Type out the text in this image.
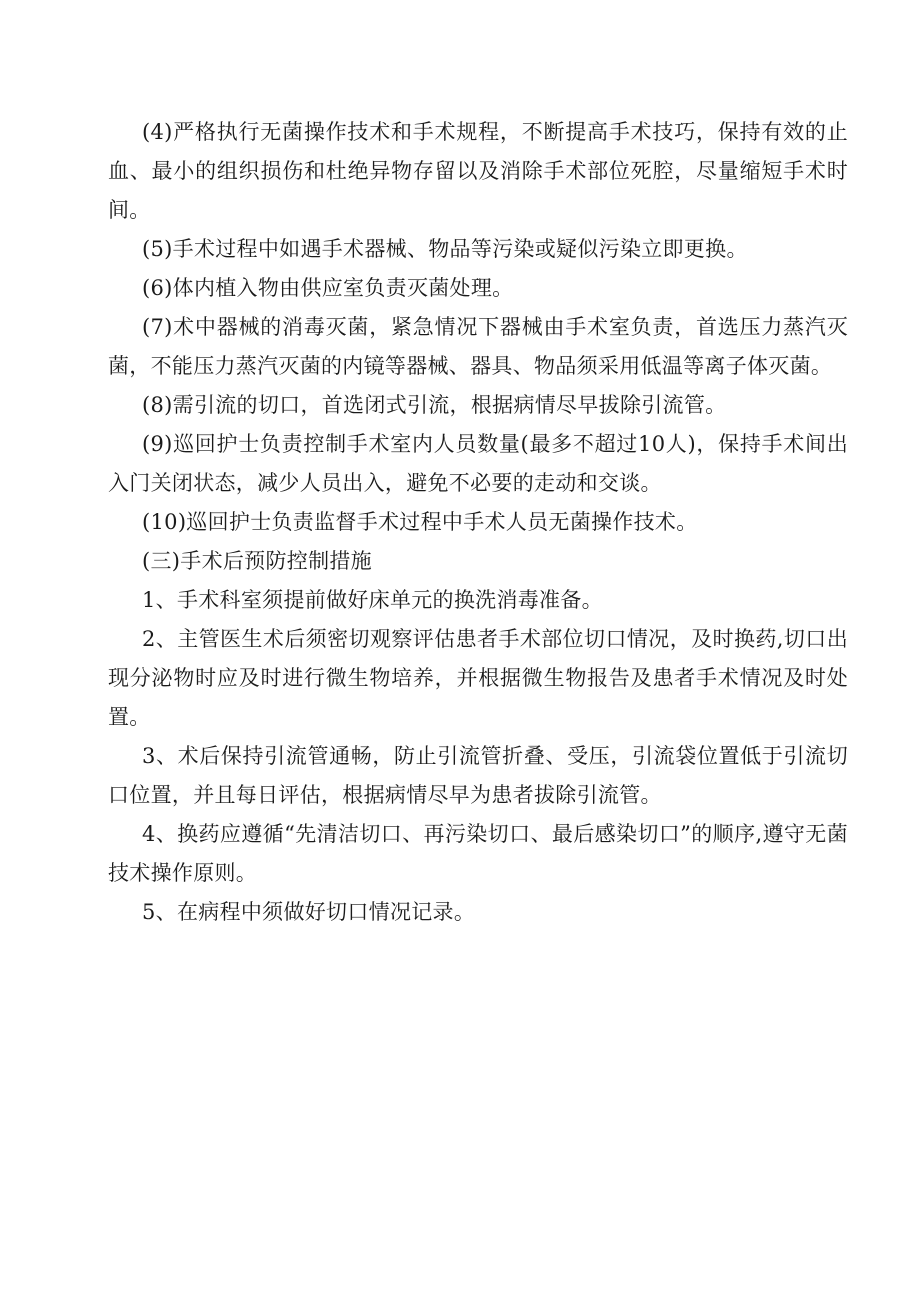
(4)严格执行无菌操作技术和手术规程，不断提高手术技巧，保持有效的止血、最小的组织损伤和杜绝异物存留以及消除手术部位死腔，尽量缩短手术时间。

(5)手术过程中如遇手术器械、物品等污染或疑似污染立即更换。

(6)体内植入物由供应室负责灭菌处理。

(7)术中器械的消毒灭菌，紧急情况下器械由手术室负责，首选压力蒸汽灭菌，不能压力蒸汽灭菌的内镜等器械、器具、物品须采用低温等离子体灭菌。

(8)需引流的切口，首选闭式引流，根据病情尽早拔除引流管。

(9)巡回护士负责控制手术室内人员数量(最多不超过10人)，保持手术间出入门关闭状态，减少人员出入，避免不必要的走动和交谈。

(10)巡回护士负责监督手术过程中手术人员无菌操作技术。

(三)手术后预防控制措施

1、手术科室须提前做好床单元的换洗消毒准备。

2、主管医生术后须密切观察评估患者手术部位切口情况，及时换药,切口出现分泌物时应及时进行微生物培养，并根据微生物报告及患者手术情况及时处置。

3、术后保持引流管通畅，防止引流管折叠、受压，引流袋位置低于引流切口位置，并且每日评估，根据病情尽早为患者拔除引流管。

4、换药应遵循“先清洁切口、再污染切口、最后感染切口”的顺序,遵守无菌技术操作原则。

5、在病程中须做好切口情况记录。
